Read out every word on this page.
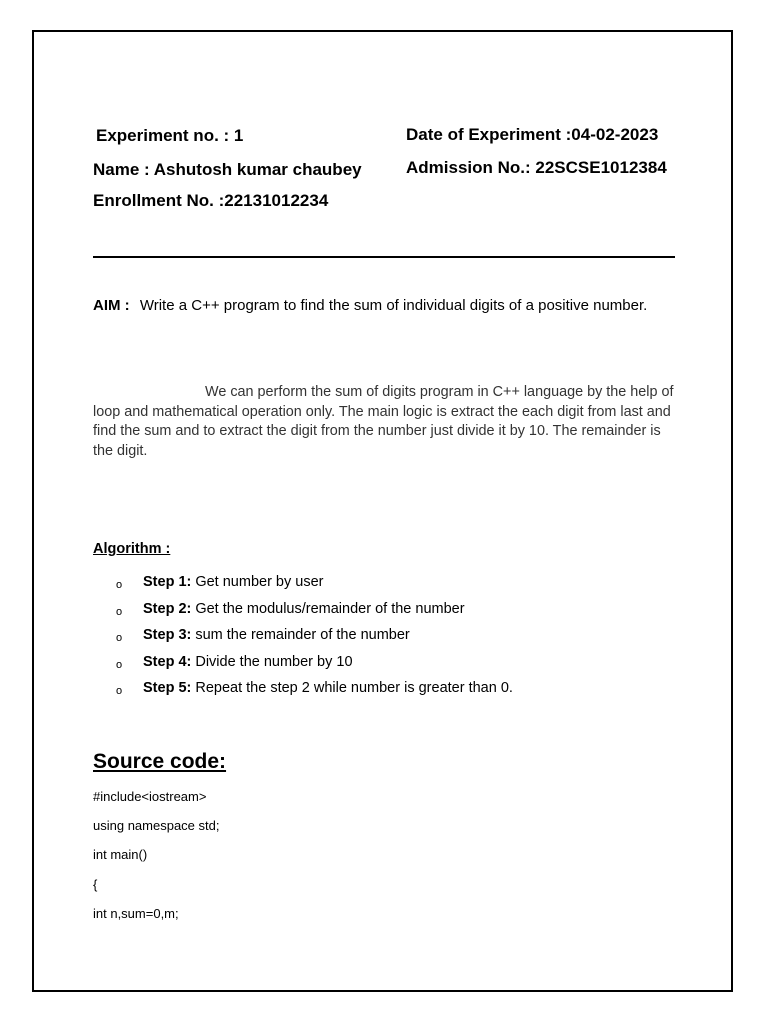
Experiment no. : 1	Date of Experiment :04-02-2023
Name : Ashutosh kumar chaubey	Admission No.: 22SCSE1012384
Enrollment No. :22131012234
AIM : Write a C++ program to find the sum of individual digits of a positive number.
We can perform the sum of digits program in C++ language by the help of loop and mathematical operation only. The main logic is extract the each digit from last and find the sum and to extract the digit from the number just divide it by 10. The remainder is the digit.
Algorithm :
o	Step 1: Get number by user
o	Step 2: Get the modulus/remainder of the number
o	Step 3: sum the remainder of the number
o	Step 4: Divide the number by 10
o	Step 5: Repeat the step 2 while number is greater than 0.
Source code:
#include<iostream>
using namespace std;
int main()
{
int n,sum=0,m;
